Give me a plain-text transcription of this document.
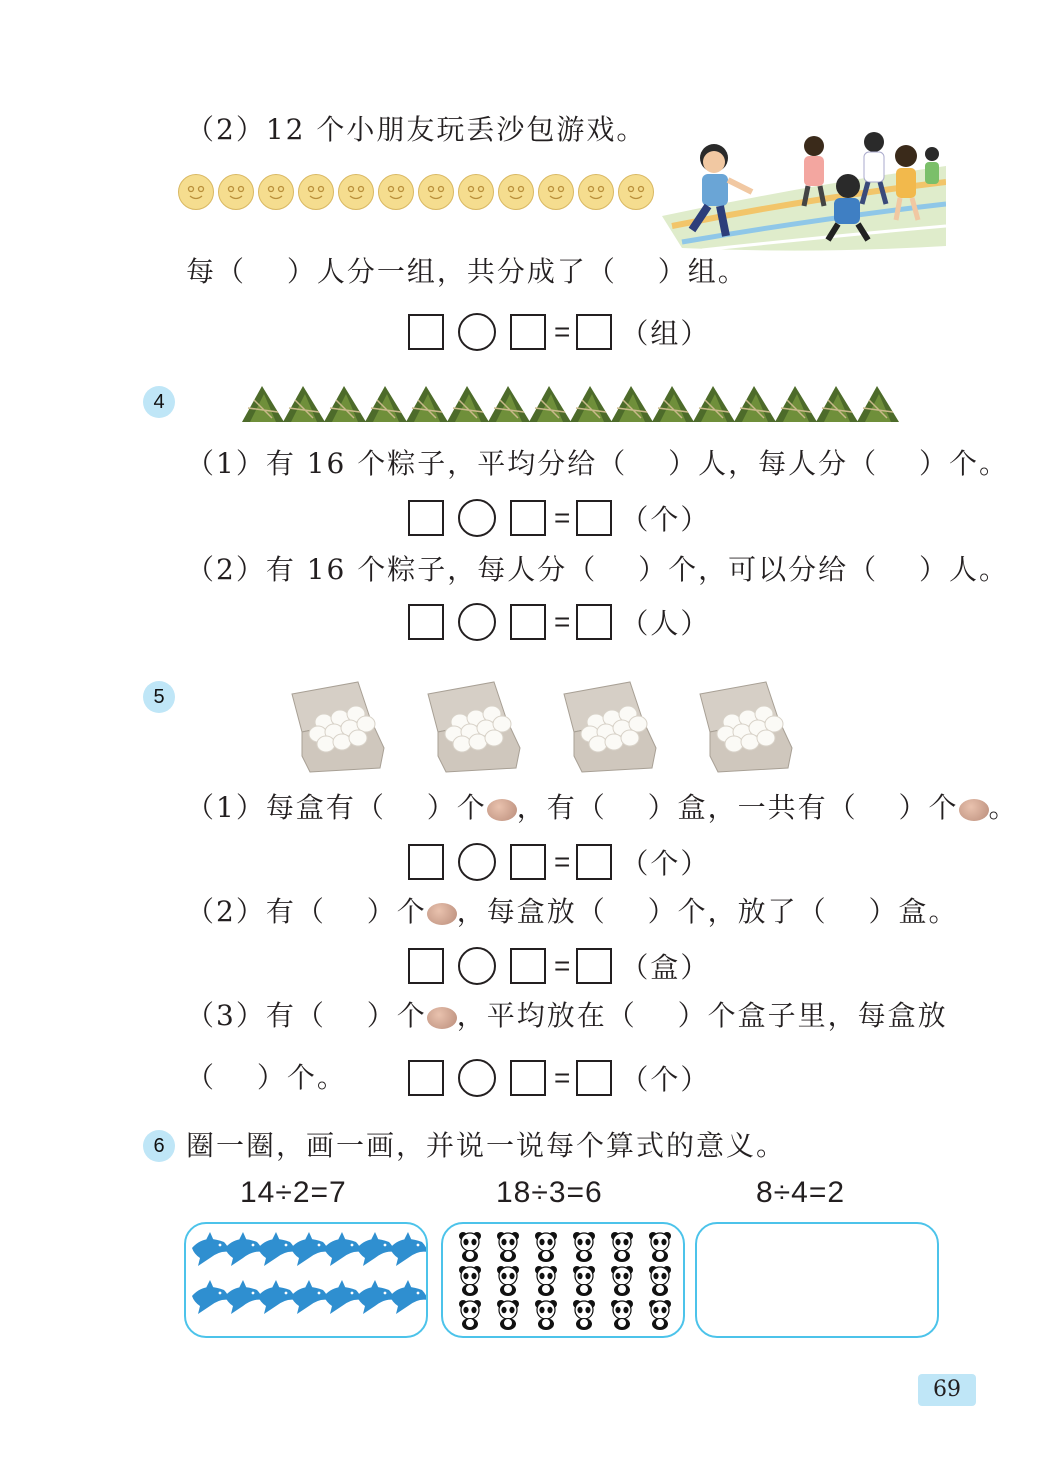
（2）12 个小朋友玩丢沙包游戏。
每（　 ）人分一组，共分成了（　 ）组。
= （组）
4
（1）有 16 个粽子，平均分给（　 ）人，每人分（　 ）个。
= （个）
（2）有 16 个粽子，每人分（　 ）个，可以分给（　 ）人。
= （人）
5
（1）每盒有（　 ）个 ，有（　 ）盒，一共有（　 ）个 。
= （个）
（2）有（　 ）个 ，每盒放（　 ）个，放了（　 ）盒。
= （盒）
（3）有（　 ）个 ，平均放在（　 ）个盒子里，每盒放
（　 ）个。	= （个）
6 圈一圈，画一画，并说一说每个算式的意义。
14÷2=7	18÷3=6	8÷4=2
69
